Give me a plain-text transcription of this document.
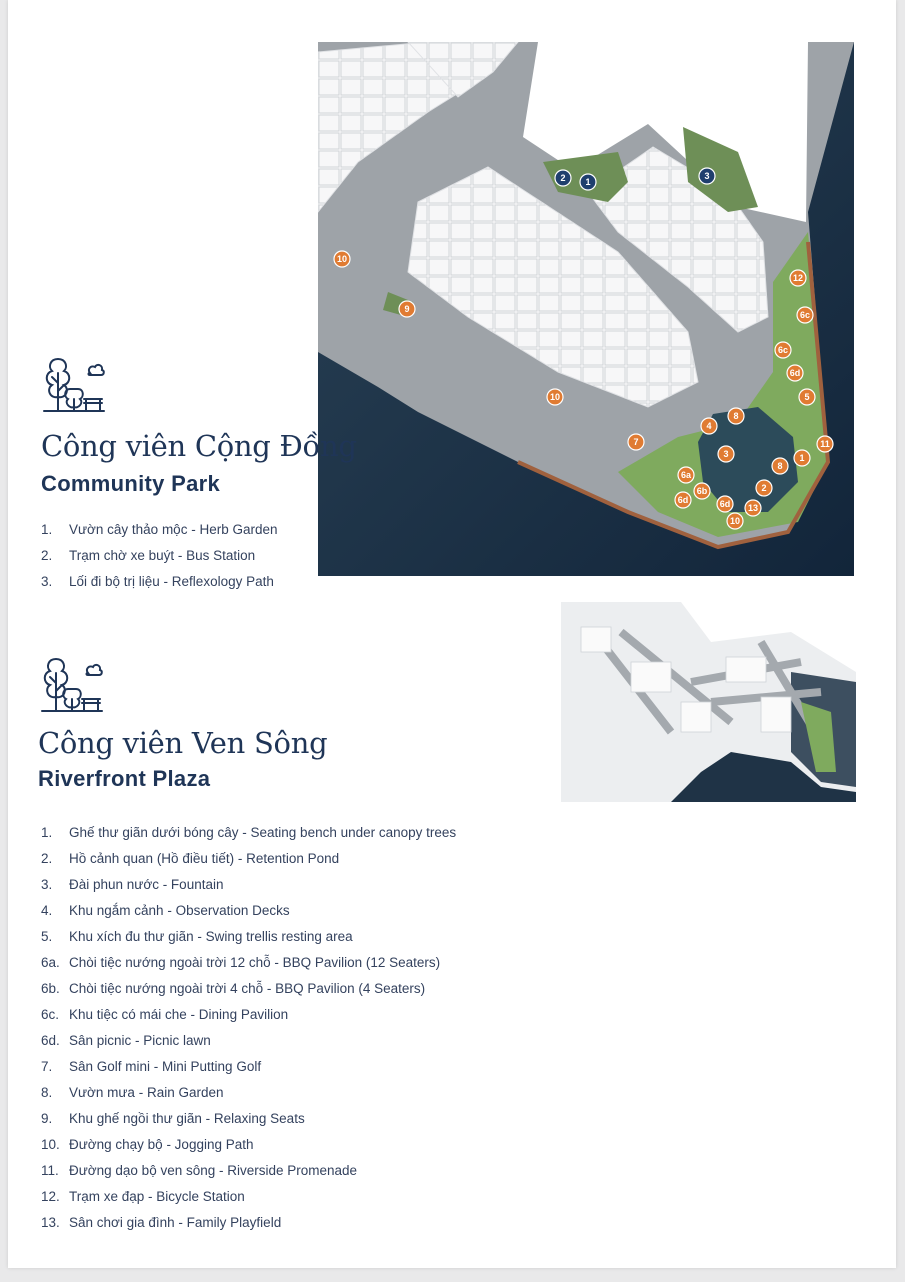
2 1
3
10
9
10
12
6c
6c
6d
5
8
4
7
3	1
11
8
2
6a
6b
6d	6d 13
10
Công viên Cộng Đồng
Community Park
1.	Vườn cây thảo mộc - Herb Garden
2.	Trạm chờ xe buýt - Bus Station
3.	Lối đi bộ trị liệu - Reflexology Path
Công viên Ven Sông
Riverfront Plaza
1.	Ghế thư giãn dưới bóng cây - Seating bench under canopy trees
2.	Hồ cảnh quan (Hồ điều tiết) - Retention Pond
3.	Đài phun nước - Fountain
4.	Khu ngắm cảnh - Observation Decks
5.	Khu xích đu thư giãn - Swing trellis resting area
6a. Chòi tiệc nướng ngoài trời 12 chỗ - BBQ Pavilion (12 Seaters)
6b. Chòi tiệc nướng ngoài trời 4 chỗ - BBQ Pavilion (4 Seaters)
6c. Khu tiệc có mái che - Dining Pavilion
6d. Sân picnic - Picnic lawn
7.	Sân Golf mini - Mini Putting Golf
8.	Vườn mưa - Rain Garden
9.	Khu ghế ngồi thư giãn - Relaxing Seats
10. Đường chạy bộ - Jogging Path
11. Đường dạo bộ ven sông - Riverside Promenade
12. Trạm xe đạp - Bicycle Station
13. Sân chơi gia đình - Family Playfield
